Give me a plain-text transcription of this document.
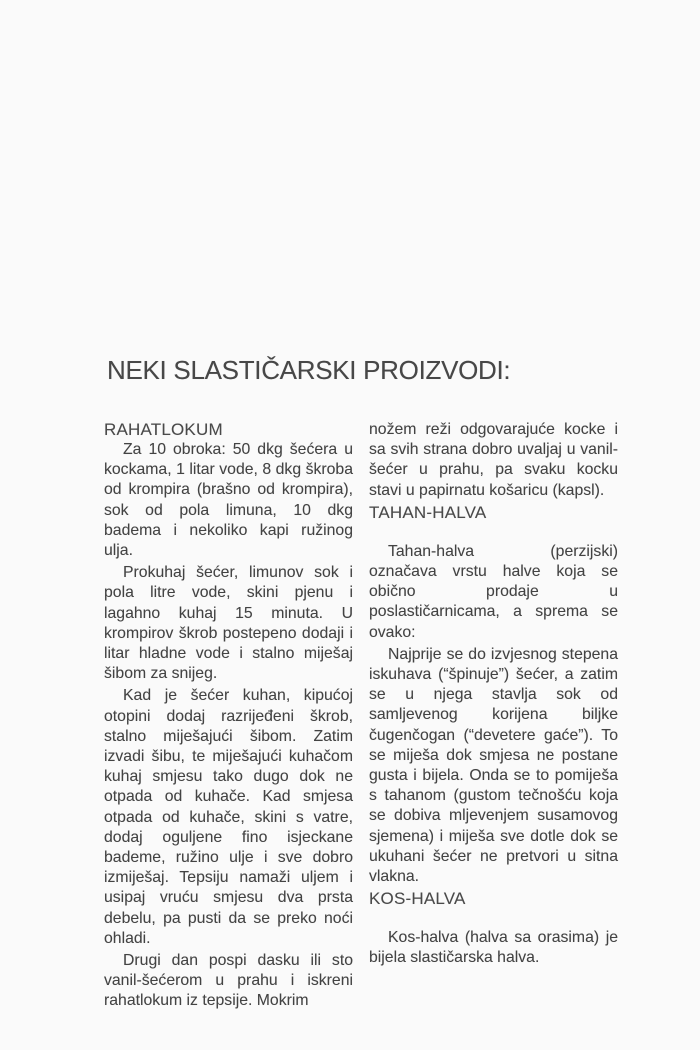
NEKI SLASTIČARSKI PROIZVODI:
RAHATLOKUM

Za 10 obroka: 50 dkg šećera u kockama, 1 litar vode, 8 dkg škroba od krompira (brašno od krompira), sok od pola limuna, 10 dkg badema i nekoliko kapi ružinog ulja.

Prokuhaj šećer, limunov sok i pola litre vode, skini pjenu i lagahno kuhaj 15 minuta. U krompirov škrob postepeno dodaji i litar hladne vode i stalno miješaj šibom za snijeg.

Kad je šećer kuhan, kipućoj otopini dodaj razrijeđeni škrob, stalno miješajući šibom. Zatim izvadi šibu, te miješajući kuhačom kuhaj smjesu tako dugo dok ne otpada od kuhače. Kad smjesa otpada od kuhače, skini s vatre, dodaj oguljene fino isjeckane bademe, ružino ulje i sve dobro izmiješaj. Tepsiju namaži uljem i usipaj vruću smjesu dva prsta debelu, pa pusti da se preko noći ohladi.

Drugi dan pospi dasku ili sto vanil-šećerom u prahu i iskreni rahatlokum iz tepsije. Mokrim

nožem reži odgovarajuće kocke i sa svih strana dobro uvaljaj u vanil-šećer u prahu, pa svaku kocku stavi u papirnatu košaricu (kapsl).

TAHAN-HALVA

Tahan-halva (perzijski) označava vrstu halve koja se obično prodaje u poslastičarnicama, a sprema se ovako:

Najprije se do izvjesnog stepena iskuhava (“špinuje”) šećer, a zatim se u njega stavlja sok od samljevenog korijena biljke čugenčogan (“devetere gaće”). To se miješa dok smjesa ne postane gusta i bijela. Onda se to pomiješa s tahanom (gustom tečnošću koja se dobiva mljevenjem susamovog sjemena) i miješa sve dotle dok se ukuhani šećer ne pretvori u sitna vlakna.

KOS-HALVA

Kos-halva (halva sa orasima) je bijela slastičarska halva.
